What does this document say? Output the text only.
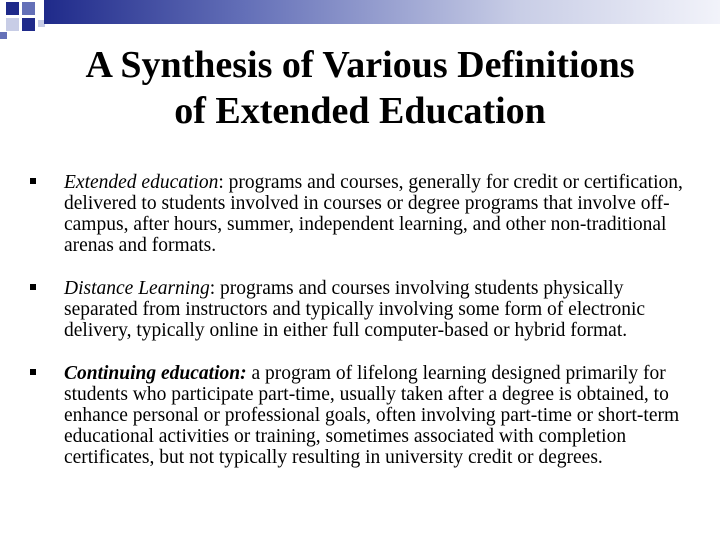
A Synthesis of Various Definitions
of Extended Education
Extended education: programs and courses, generally for credit or certification, delivered to students involved in courses or degree programs that involve off-campus, after hours, summer, independent learning, and other non-traditional arenas and formats.
Distance Learning: programs and courses involving students physically separated from instructors and typically involving some form of electronic delivery, typically online in either full computer-based or hybrid format.
Continuing education: a program of lifelong learning designed primarily for students who participate part-time, usually taken after a degree is obtained, to enhance personal or professional goals, often involving part-time or short-term educational activities or training, sometimes associated with completion certificates, but not typically resulting in university credit or degrees.
